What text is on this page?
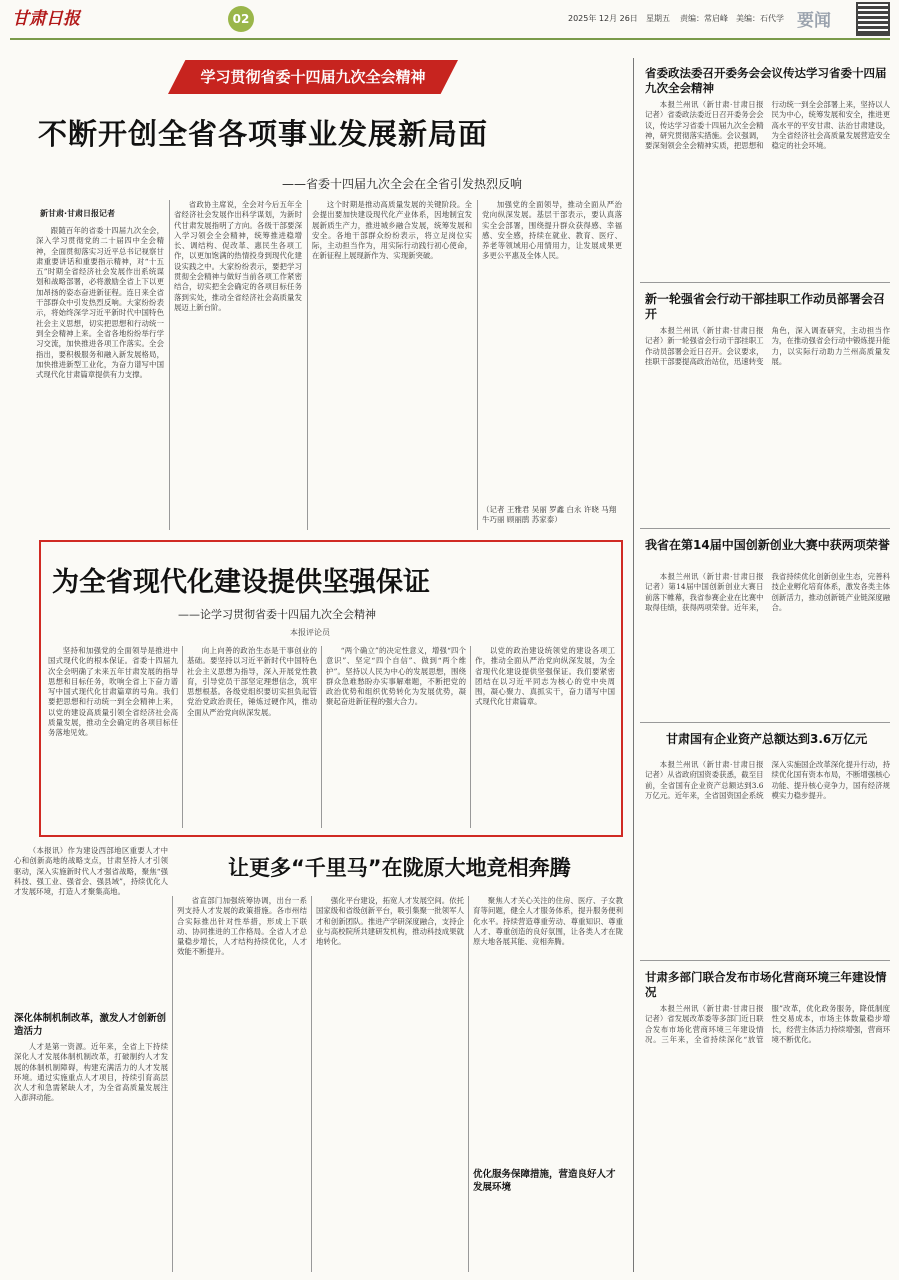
甘肃日报	02	2025年 12月 26日 星期五 责编：常启峰 美编：石代学 要闻
学习贯彻省委十四届九次全会精神
不断开创全省各项事业发展新局面
——省委十四届九次全会在全省引发热烈反响
新甘肃·甘肃日报记者

跟随百年的省委十四届九次全会，深入学习贯彻党的二十届四中全会精神，全面贯彻落实习近平总书记视察甘肃重要讲话和重要指示精神，对“十五五”时期全省经济社会发展作出系统谋划和战略部署，必将激励全省上下以更加昂扬的姿态奋进新征程。连日来全省干部群众中引发热烈反响。大家纷纷表示，将始终深学习近平新时代中国特色社会主义思想，切实把思想和行动统一到全会精神上来。全省各地纷纷举行学习交流，加快推进各项工作落实。全会指出，要积极服务和融入新发展格局，加快推进新型工业化，为奋力谱写中国式现代化甘肃篇章提供有力支撑。

省政协主席说，全会对今后五年全省经济社会发展作出科学谋划，为新时代甘肃发展指明了方向。各级干部要深入学习领会全会精神，统筹推进稳增长、调结构、促改革、惠民生各项工作，以更加饱满的热情投身到现代化建设实践之中。大家纷纷表示，要把学习贯彻全会精神与做好当前各项工作紧密结合，切实把全会确定的各项目标任务落到实处，推动全省经济社会高质量发展迈上新台阶。

这个时期是推动高质量发展的关键阶段。全会提出要加快建设现代化产业体系，因地制宜发展新质生产力，推进城乡融合发展，统筹发展和安全。各地干部群众纷纷表示，将立足岗位实际，主动担当作为，用实际行动践行初心使命，在新征程上展现新作为、实现新突破。

加强党的全面领导，推动全面从严治党向纵深发展。基层干部表示，要认真落实全会部署，围绕提升群众获得感、幸福感、安全感，持续在就业、教育、医疗、养老等领域用心用情用力，让发展成果更多更公平惠及全体人民。

（记者 王雅君 吴丽 罗鑫 白永 许晓 马翔 牛巧丽 顾丽鹃 苏家泰）
为全省现代化建设提供坚强保证
——论学习贯彻省委十四届九次全会精神
本报评论员

坚持和加强党的全面领导是推进中国式现代化的根本保证。省委十四届九次全会明确了未来五年甘肃发展的指导思想和目标任务，吹响全省上下奋力谱写中国式现代化甘肃篇章的号角。我们要把思想和行动统一到全会精神上来，以党的建设高质量引领全省经济社会高质量发展，推动全会确定的各项目标任务落地见效。

向上向善的政治生态是干事创业的基础。要坚持以习近平新时代中国特色社会主义思想为指导，深入开展党性教育，引导党员干部坚定理想信念，筑牢思想根基。各级党组织要切实担负起管党治党政治责任，锤炼过硬作风，推动全面从严治党向纵深发展。

“两个确立”的决定性意义，增强“四个意识”、坚定“四个自信”、做到“两个维护”。坚持以人民为中心的发展思想，围绕群众急难愁盼办实事解难题，不断把党的政治优势和组织优势转化为发展优势，凝聚起奋进新征程的强大合力。

以党的政治建设统领党的建设各项工作，推动全面从严治党向纵深发展，为全省现代化建设提供坚强保证。我们要紧密团结在以习近平同志为核心的党中央周围，凝心聚力、真抓实干，奋力谱写中国式现代化甘肃篇章。

（本报讯）作为建设西部地区重要人才中心和创新高地的战略支点，甘肃坚持人才引领驱动，深入实施新时代人才强省战略，聚焦“强科技、强工业、强省会、强县域”，持续优化人才发展环境，打造人才聚集高地。

让更多“千里马”在陇原大地竞相奔腾
深化体制机制改革，激发人才创新创造活力

人才是第一资源。近年来，全省上下持续深化人才发展体制机制改革，打破制约人才发展的体制机制障碍，构建充满活力的人才发展环境。通过实施重点人才项目，持续引育高层次人才和急需紧缺人才，为全省高质量发展注入澎湃动能。

省直部门加强统筹协调，出台一系列支持人才发展的政策措施。各市州结合实际推出针对性举措，形成上下联动、协同推进的工作格局。全省人才总量稳步增长，人才结构持续优化，人才效能不断提升。

强化平台建设，拓宽人才发展空间。依托国家级和省级创新平台，吸引集聚一批领军人才和创新团队。推进产学研深度融合，支持企业与高校院所共建研发机构，推动科技成果就地转化。

优化服务保障措施，营造良好人才发展环境

聚焦人才关心关注的住房、医疗、子女教育等问题，健全人才服务体系，提升服务便利化水平。持续营造尊重劳动、尊重知识、尊重人才、尊重创造的良好氛围，让各类人才在陇原大地各展其能、竞相奔腾。

省委政法委召开委务会会议传达学习省委十四届九次全会精神

本报兰州讯（新甘肃·甘肃日报记者）省委政法委近日召开委务会会议，传达学习省委十四届九次全会精神，研究贯彻落实措施。会议强调，要深刻领会全会精神实质，把思想和行动统一到全会部署上来，坚持以人民为中心，统筹发展和安全，推进更高水平的平安甘肃、法治甘肃建设，为全省经济社会高质量发展营造安全稳定的社会环境。

新一轮强省会行动干部挂职工作动员部署会召开

本报兰州讯（新甘肃·甘肃日报记者）新一轮强省会行动干部挂职工作动员部署会近日召开。会议要求，挂职干部要提高政治站位，迅速转变角色，深入调查研究，主动担当作为，在推动强省会行动中锻炼提升能力，以实际行动助力兰州高质量发展。

我省在第14届中国创新创业大赛中获两项荣誉

本报兰州讯（新甘肃·甘肃日报记者）第14届中国创新创业大赛日前落下帷幕，我省参赛企业在比赛中取得佳绩，获得两项荣誉。近年来，我省持续优化创新创业生态，完善科技企业孵化培育体系，激发各类主体创新活力，推动创新链产业链深度融合。

甘肃国有企业资产总额达到3.6万亿元

本报兰州讯（新甘肃·甘肃日报记者）从省政府国资委获悉，截至目前，全省国有企业资产总额达到3.6万亿元。近年来，全省国资国企系统深入实施国企改革深化提升行动，持续优化国有资本布局，不断增强核心功能、提升核心竞争力，国有经济规模实力稳步提升。

甘肃多部门联合发布市场化营商环境三年建设情况

本报兰州讯（新甘肃·甘肃日报记者）省发展改革委等多部门近日联合发布市场化营商环境三年建设情况。三年来，全省持续深化“放管服”改革，优化政务服务，降低制度性交易成本，市场主体数量稳步增长，经营主体活力持续增强，营商环境不断优化。
